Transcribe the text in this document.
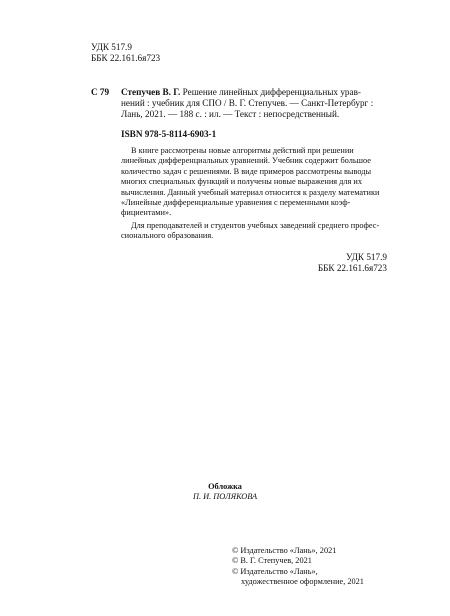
УДК 517.9
ББК 22.161.6я723
С 79 Степучев В. Г. Решение линейных дифференциальных урав-
нений : учебник для СПО / В. Г. Степучев. — Санкт-Петербург :
Лань, 2021. — 188 с. : ил. — Текст : непосредственный.
ISBN 978-5-8114-6903-1
В книге рассмотрены новые алгоритмы действий при решении
линейных дифференциальных уравнений. Учебник содержит большое
количество задач с решениями. В виде примеров рассмотрены выводы
многих специальных функций и получены новые выражения для их
вычисления. Данный учебный материал относится к разделу математики
«Линейные дифференциальные уравнения с переменными коэф-
фициентами».
Для преподавателей и студентов учебных заведений среднего профес-
сионального образования.
УДК 517.9
ББК 22.161.6я723
Обложка
П. И. ПОЛЯКОВА
© Издательство «Лань», 2021
© В. Г. Степучев, 2021
© Издательство «Лань»,
художественное оформление, 2021
